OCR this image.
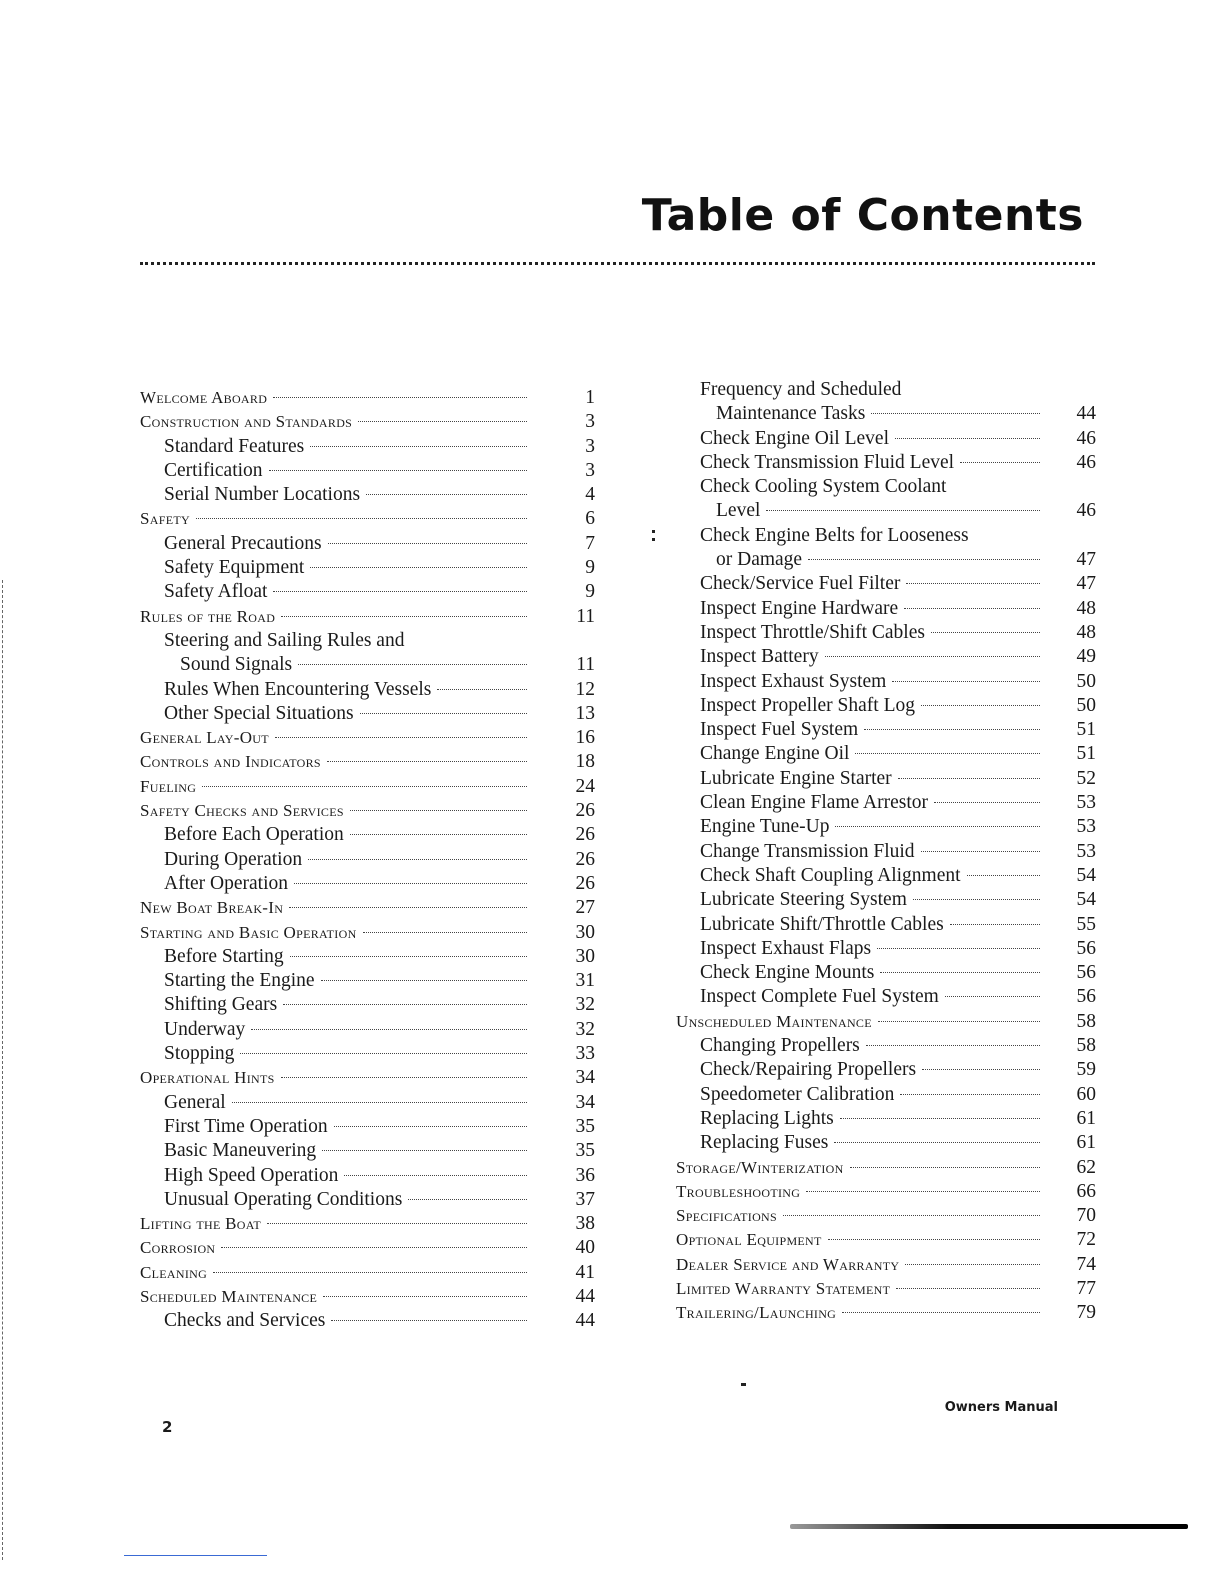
Table of Contents
Welcome Aboard	1
Construction and Standards	3
Standard Features	3
Certification	3
Serial Number Locations	4
Safety	6
General Precautions	7
Safety Equipment	9
Safety Afloat	9
Rules of the Road	11
Steering and Sailing Rules and
Sound Signals	11
Rules When Encountering Vessels	12
Other Special Situations	13
General Lay-Out	16
Controls and Indicators	18
Fueling	24
Safety Checks and Services	26
Before Each Operation	26
During Operation	26
After Operation	26
New Boat Break-In	27
Starting and Basic Operation	30
Before Starting	30
Starting the Engine	31
Shifting Gears	32
Underway	32
Stopping	33
Operational Hints	34
General	34
First Time Operation	35
Basic Maneuvering	35
High Speed Operation	36
Unusual Operating Conditions	37
Lifting the Boat	38
Corrosion	40
Cleaning	41
Scheduled Maintenance	44
Checks and Services	44
Frequency and Scheduled
Maintenance Tasks	44
Check Engine Oil Level	46
Check Transmission Fluid Level	46
Check Cooling System Coolant
Level	46
Check Engine Belts for Looseness
or Damage	47
Check/Service Fuel Filter	47
Inspect Engine Hardware	48
Inspect Throttle/Shift Cables	48
Inspect Battery	49
Inspect Exhaust System	50
Inspect Propeller Shaft Log	50
Inspect Fuel System	51
Change Engine Oil	51
Lubricate Engine Starter	52
Clean Engine Flame Arrestor	53
Engine Tune-Up	53
Change Transmission Fluid	53
Check Shaft Coupling Alignment	54
Lubricate Steering System	54
Lubricate Shift/Throttle Cables	55
Inspect Exhaust Flaps	56
Check Engine Mounts	56
Inspect Complete Fuel System	56
Unscheduled Maintenance	58
Changing Propellers	58
Check/Repairing Propellers	59
Speedometer Calibration	60
Replacing Lights	61
Replacing Fuses	61
Storage/Winterization	62
Troubleshooting	66
Specifications	70
Optional Equipment	72
Dealer Service and Warranty	74
Limited Warranty Statement	77
Trailering/Launching	79
2
Owners Manual
